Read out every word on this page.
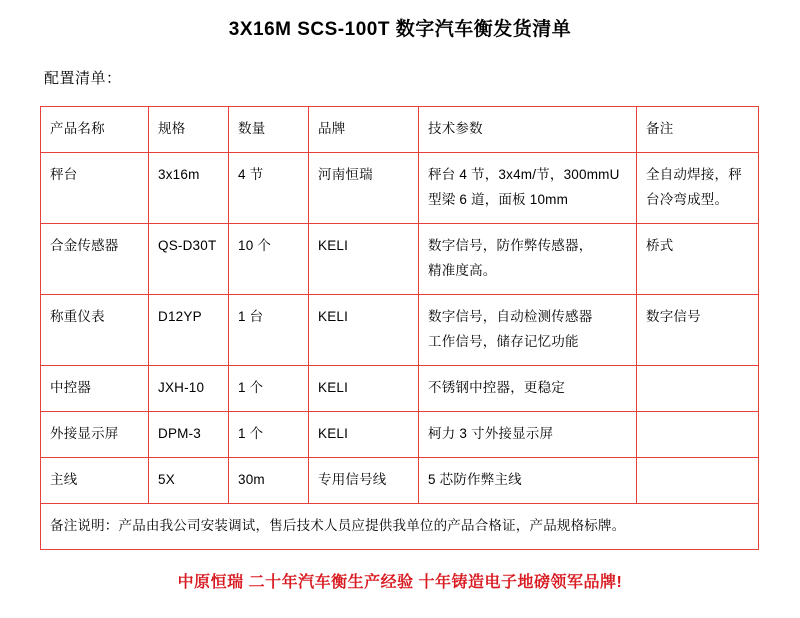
3X16M SCS-100T 数字汽车衡发货清单
配置清单：
产品名称	规格	数量	品牌	技术参数	备注
秤台	3x16m	4 节	河南恒瑞	秤台 4 节，3x4m/节，300mmU
型梁 6 道，面板 10mm	全自动焊接，秤
台冷弯成型。

合金传感器	QS-D30T	10 个	KELI	数字信号，防作弊传感器，
精准度高。	桥式

称重仪表	D12YP	1 台	KELI	数字信号，自动检测传感器
工作信号，储存记忆功能	数字信号

中控器	JXH-10	1 个	KELI	不锈钢中控器，更稳定	
外接显示屏	DPM-3	1 个	KELI	柯力 3 寸外接显示屏	
主线	5X	30m	专用信号线	5 芯防作弊主线	
备注说明：产品由我公司安装调试，售后技术人员应提供我单位的产品合格证，产品规格标牌。					
中原恒瑞 二十年汽车衡生产经验 十年铸造电子地磅领军品牌!
